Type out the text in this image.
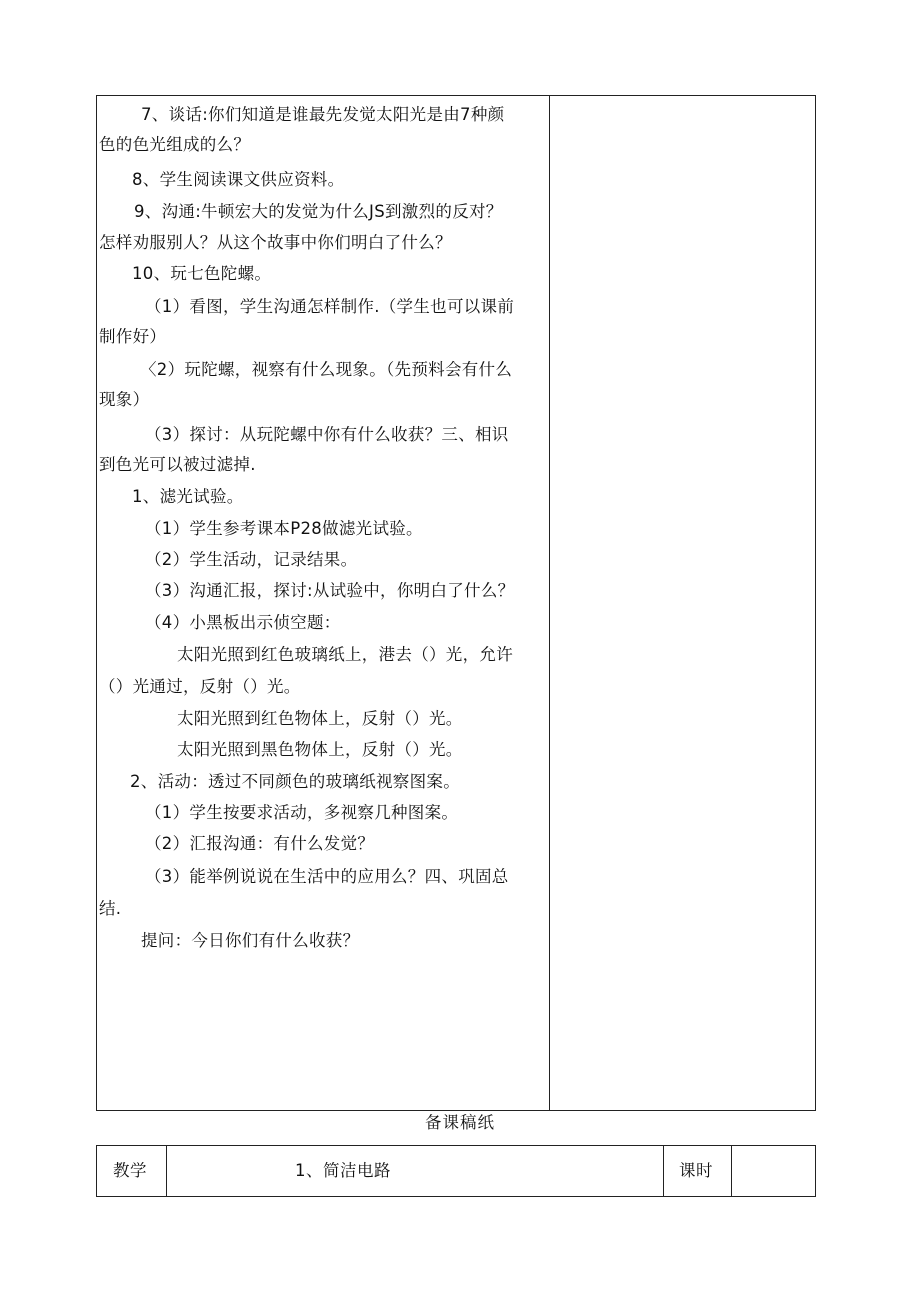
7、谈话:你们知道是谁最先发觉太阳光是由7种颜
色的色光组成的么？
8、学生阅读课文供应资料。
9、沟通:牛顿宏大的发觉为什么JS到激烈的反对？
怎样劝服别人？从这个故事中你们明白了什么？
10、玩七色陀螺。
（1）看图，学生沟通怎样制作.（学生也可以课前
制作好）
〈2）玩陀螺，视察有什么现象。（先预料会有什么
现象）
（3）探讨：从玩陀螺中你有什么收获？三、相识
到色光可以被过滤掉.
1、滤光试验。
（1）学生参考课本P28做滤光试验。
（2）学生活动，记录结果。
（3）沟通汇报，探讨:从试验中，你明白了什么？
（4）小黑板出示侦空题：
太阳光照到红色玻璃纸上，港去（）光，允许
（）光通过，反射（）光。
太阳光照到红色物体上，反射（）光。
太阳光照到黑色物体上，反射（）光。
2、活动：透过不同颜色的玻璃纸视察图案。
（1）学生按要求活动，多视察几种图案。
（2）汇报沟通：有什么发觉？
（3）能举例说说在生活中的应用么？四、巩固总
结.
提问：今日你们有什么收获？
备课稿纸
教学	1、简洁电路	课时
